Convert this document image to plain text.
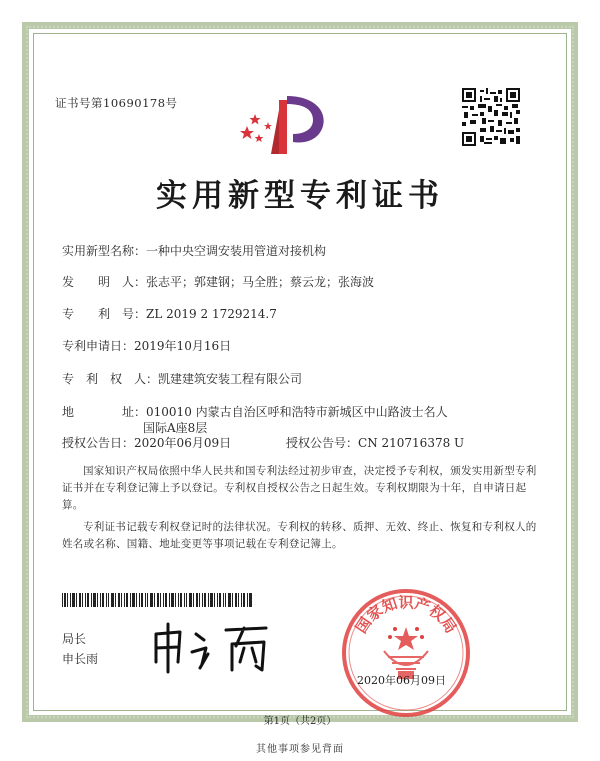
证书号第10690178号
实用新型专利证书
实用新型名称：一种中央空调安装用管道对接机构
发　　明　人：张志平；郭建钢；马全胜；蔡云龙；张海波
专　　利　号：ZL 2019 2 1729214.7
专利申请日：2019年10月16日
专　利　权　人：凯建建筑安装工程有限公司
地　　　　址：010010 内蒙古自治区呼和浩特市新城区中山路波士名人
国际A座8层
授权公告日：2020年06月09日	授权公告号：CN 210716378 U
国家知识产权局依照中华人民共和国专利法经过初步审查，决定授予专利权，颁发实用新型专利证书并在专利登记簿上予以登记。专利权自授权公告之日起生效。专利权期限为十年，自申请日起算。
专利证书记载专利权登记时的法律状况。专利权的转移、质押、无效、终止、恢复和专利权人的姓名或名称、国籍、地址变更等事项记载在专利登记簿上。
局长
申长雨
国家知识产权局
2020年06月09日
第1页（共2页）
其他事项参见背面
